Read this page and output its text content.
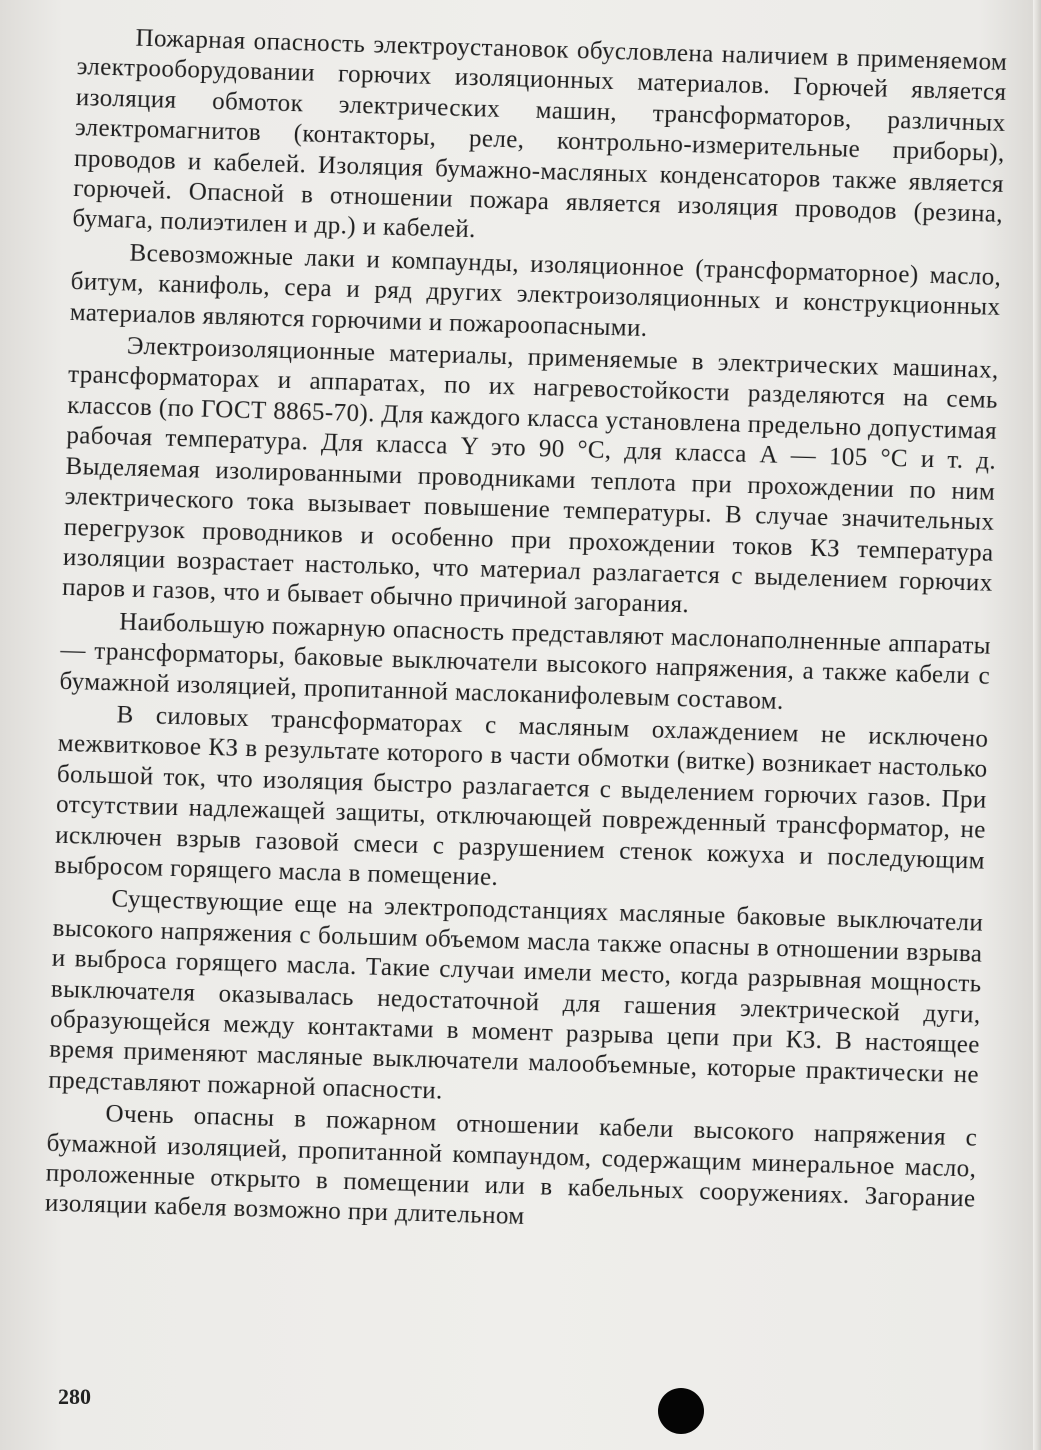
Пожарная опасность электроустановок обусловлена наличием в применяемом электрооборудовании горючих изоляционных материалов. Горючей является изоляция обмоток электрических машин, трансформаторов, различных электромагнитов (контакторы, реле, контрольно-измерительные приборы), проводов и кабелей. Изоляция бумажно-масляных конденсаторов также является горючей. Опасной в отношении пожара является изоляция проводов (резина, бумага, полиэтилен и др.) и кабелей.

Всевозможные лаки и компаунды, изоляционное (трансформаторное) масло, битум, канифоль, сера и ряд других электроизоляционных и конструкционных материалов являются горючими и пожароопасными.

Электроизоляционные материалы, применяемые в электрических машинах, трансформаторах и аппаратах, по их нагревостойкости разделяются на семь классов (по ГОСТ 8865-70). Для каждого класса установлена предельно допустимая рабочая температура. Для класса Y это 90 °С, для класса А — 105 °С и т. д. Выделяемая изолированными проводниками теплота при прохождении по ним электрического тока вызывает повышение температуры. В случае значительных перегрузок проводников и особенно при прохождении токов КЗ температура изоляции возрастает настолько, что материал разлагается с выделением горючих паров и газов, что и бывает обычно причиной загорания.

Наибольшую пожарную опасность представляют маслонаполненные аппараты — трансформаторы, баковые выключатели высокого напряжения, а также кабели с бумажной изоляцией, пропитанной маслоканифолевым составом.

В силовых трансформаторах с масляным охлаждением не исключено межвитковое КЗ в результате которого в части обмотки (витке) возникает настолько большой ток, что изоляция быстро разлагается с выделением горючих газов. При отсутствии надлежащей защиты, отключающей поврежденный трансформатор, не исключен взрыв газовой смеси с разрушением стенок кожуха и последующим выбросом горящего масла в помещение.

Существующие еще на электроподстанциях масляные баковые выключатели высокого напряжения с большим объемом масла также опасны в отношении взрыва и выброса горящего масла. Такие случаи имели место, когда разрывная мощность выключателя оказывалась недостаточной для гашения электрической дуги, образующейся между контактами в момент разрыва цепи при КЗ. В настоящее время применяют масляные выключатели малообъемные, которые практически не представляют пожарной опасности.

Очень опасны в пожарном отношении кабели высокого напряжения с бумажной изоляцией, пропитанной компаундом, содержащим минеральное масло, проложенные открыто в помещении или в кабельных сооружениях. Загорание изоляции кабеля возможно при длительном

280
